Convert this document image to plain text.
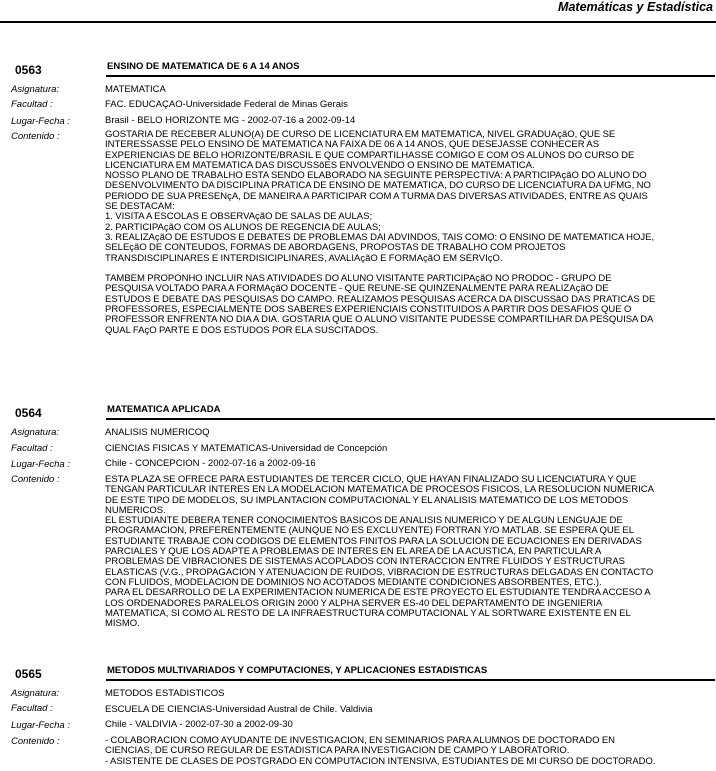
Matemáticas y Estadística
0563	ENSINO DE MATEMATICA DE 6 A 14 ANOS
Asignatura:	MATEMATICA
Facultad :	FAC. EDUCAÇAO-Universidade Federal de Minas Gerais
Lugar-Fecha :	Brasil - BELO HORIZONTE MG - 2002-07-16 a 2002-09-14
Contenido :	GOSTARIA DE RECEBER ALUNO(A) DE CURSO DE LICENCIATURA EM MATEMATICA, NIVEL GRADUAçãO, QUE SE
INTERESSASSE PELO ENSINO DE MATEMATICA NA FAIXA DE 06 A 14 ANOS, QUE DESEJASSE CONHECER AS
EXPERIENCIAS DE BELO HORIZONTE/BRASIL E QUE COMPARTILHASSE COMIGO E COM OS ALUNOS DO CURSO DE
LICENCIATURA EM MATEMATICA DAS DISCUSSõES ENVOLVENDO O ENSINO DE MATEMATICA.
NOSSO PLANO DE TRABALHO ESTA SENDO ELABORADO NA SEGUINTE PERSPECTIVA: A PARTICIPAçãO DO ALUNO DO
DESENVOLVIMENTO DA DISCIPLINA PRATICA DE ENSINO DE MATEMATICA, DO CURSO DE LICENCIATURA DA UFMG, NO
PERIODO DE SUA PRESENçA, DE MANEIRA A PARTICIPAR COM A TURMA DAS DIVERSAS ATIVIDADES, ENTRE AS QUAIS
SE DESTACAM:
1. VISITA A ESCOLAS E OBSERVAçãO DE SALAS DE AULAS;
2. PARTICIPAçãO COM OS ALUNOS DE REGENCIA DE AULAS;
3. REALIZAçãO DE ESTUDOS E DEBATES DE PROBLEMAS DAI ADVINDOS, TAIS COMO: O ENSINO DE MATEMATICA HOJE,
SELEçãO DE CONTEUDOS, FORMAS DE ABORDAGENS, PROPOSTAS DE TRABALHO COM PROJETOS
TRANSDISCIPLINARES E INTERDISICIPLINARES, AVALIAçãO E FORMAçãO EM SERVIçO.

TAMBEM PROPONHO INCLUIR NAS ATIVIDADES DO ALUNO VISITANTE PARTICIPAçãO NO PRODOC - GRUPO DE
PESQUISA VOLTADO PARA A FORMAçãO DOCENTE - QUE REUNE-SE QUINZENALMENTE PARA REALIZAçãO DE
ESTUDOS E DEBATE DAS PESQUISAS DO CAMPO. REALIZAMOS PESQUISAS ACERCA DA DISCUSSãO DAS PRATICAS DE
PROFESSORES, ESPECIALMENTE DOS SABERES EXPERIENCIAIS CONSTITUIDOS A PARTIR DOS DESAFIOS QUE O
PROFESSOR ENFRENTA NO DIA A DIA. GOSTARIA QUE O ALUNO VISITANTE PUDESSE COMPARTILHAR DA PESQUISA DA
QUAL FAçO PARTE E DOS ESTUDOS POR ELA SUSCITADOS.
0564	MATEMATICA APLICADA
Asignatura:	ANALISIS NUMERICOQ
Facultad :	CIENCIAS FISICAS Y MATEMATICAS-Universidad de Concepción
Lugar-Fecha :	Chile - CONCEPCION - 2002-07-16 a 2002-09-16
Contenido :	ESTA PLAZA SE OFRECE PARA ESTUDIANTES DE TERCER CICLO, QUE HAYAN FINALIZADO SU LICENCIATURA Y QUE
TENGAN PARTICULAR INTERES EN LA MODELACION MATEMATICA DE PROCESOS FISICOS, LA RESOLUCION NUMERICA
DE ESTE TIPO DE MODELOS, SU IMPLANTACION COMPUTACIONAL Y EL ANALISIS MATEMATICO DE LOS METODOS
NUMERICOS.
EL ESTUDIANTE DEBERA TENER CONOCIMIENTOS BASICOS DE ANALISIS NUMERICO Y DE ALGUN LENGUAJE DE
PROGRAMACION, PREFERENTEMENTE (AUNQUE NO ES EXCLUYENTE) FORTRAN Y/O MATLAB. SE ESPERA QUE EL
ESTUDIANTE TRABAJE CON CODIGOS DE ELEMENTOS FINITOS PARA LA SOLUCION DE ECUACIONES EN DERIVADAS
PARCIALES Y QUE LOS ADAPTE A PROBLEMAS DE INTERES EN EL AREA DE LA ACUSTICA, EN PARTICULAR A
PROBLEMAS DE VIBRACIONES DE SISTEMAS ACOPLADOS CON INTERACCION ENTRE FLUIDOS Y ESTRUCTURAS
ELASTICAS (V.G., PROPAGACION Y ATENUACION DE RUIDOS, VIBRACION DE ESTRUCTURAS DELGADAS EN CONTACTO
CON FLUIDOS, MODELACION DE DOMINIOS NO ACOTADOS MEDIANTE CONDICIONES ABSORBENTES, ETC.).
PARA EL DESARROLLO DE LA EXPERIMENTACION NUMERICA DE ESTE PROYECTO EL ESTUDIANTE TENDRA ACCESO A
LOS ORDENADORES PARALELOS ORIGIN 2000 Y ALPHA SERVER ES-40 DEL DEPARTAMENTO DE INGENIERIA
MATEMATICA, SI COMO AL RESTO DE LA INFRAESTRUCTURA COMPUTACIONAL Y AL SORTWARE EXISTENTE EN EL
MISMO.
0565	METODOS MULTIVARIADOS Y COMPUTACIONES, Y APLICACIONES ESTADISTICAS
Asignatura:	METODOS ESTADISTICOS
Facultad :	ESCUELA DE CIENCIAS-Universidad Austral de Chile. Valdivia
Lugar-Fecha :	Chile - VALDIVIA - 2002-07-30 a 2002-09-30
Contenido :	- COLABORACION COMO AYUDANTE DE INVESTIGACION, EN SEMINARIOS PARA ALUMNOS DE DOCTORADO EN
CIENCIAS, DE CURSO REGULAR DE ESTADISTICA PARA INVESTIGACION DE CAMPO Y LABORATORIO.
- ASISTENTE DE CLASES DE POSTGRADO EN COMPUTACION INTENSIVA, ESTUDIANTES DE MI CURSO DE DOCTORADO.
